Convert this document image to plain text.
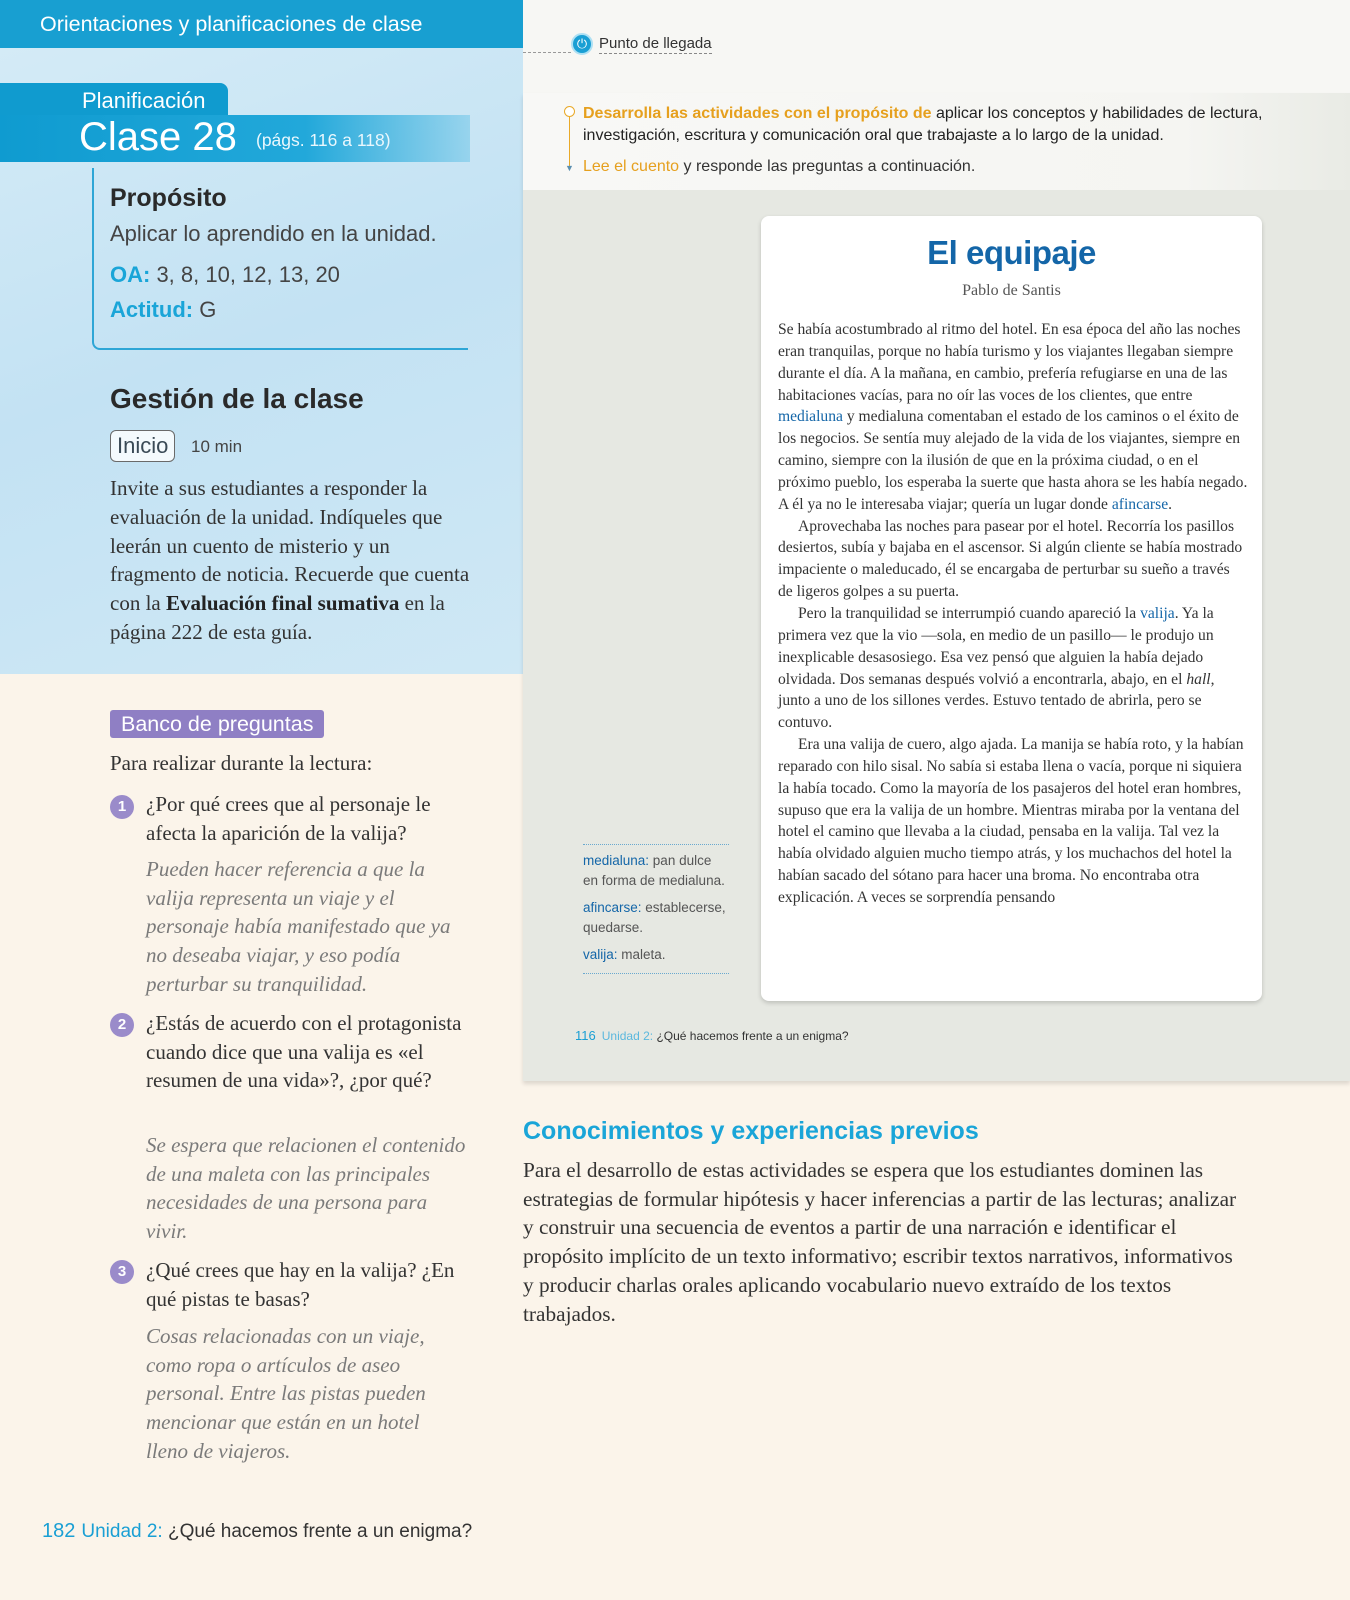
Orientaciones y planificaciones de clase
Planificación
Clase 28 (págs. 116 a 118)
Propósito
Aplicar lo aprendido en la unidad.
OA: 3, 8, 10, 12, 13, 20
Actitud: G
Gestión de la clase
Inicio	10 min
Invite a sus estudiantes a responder la evaluación de la unidad. Indíqueles que leerán un cuento de misterio y un fragmento de noticia. Recuerde que cuenta con la Evaluación final sumativa en la página 222 de esta guía.
Banco de preguntas
Para realizar durante la lectura:
1 ¿Por qué crees que al personaje le afecta la aparición de la valija?
Pueden hacer referencia a que la valija representa un viaje y el personaje había manifestado que ya no deseaba viajar, y eso podía perturbar su tranquilidad.
2 ¿Estás de acuerdo con el protagonista cuando dice que una valija es «el resumen de una vida»?, ¿por qué?
Se espera que relacionen el contenido de una maleta con las principales necesidades de una persona para vivir.
3 ¿Qué crees que hay en la valija? ¿En qué pistas te basas?
Cosas relacionadas con un viaje, como ropa o artículos de aseo personal. Entre las pistas pueden mencionar que están en un hotel lleno de viajeros.
182 Unidad 2: ¿Qué hacemos frente a un enigma?
⏻ Punto de llegada
▼
Desarrolla las actividades con el propósito de aplicar los conceptos y habilidades de lectura, investigación, escritura y comunicación oral que trabajaste a lo largo de la unidad.
Lee el cuento y responde las preguntas a continuación.
El equipaje
Pablo de Santis

Se había acostumbrado al ritmo del hotel. En esa época del año las noches eran tranquilas, porque no había turismo y los viajantes llegaban siempre durante el día. A la mañana, en cambio, prefería refugiarse en una de las habitaciones vacías, para no oír las voces de los clientes, que entre medialuna y medialuna comentaban el estado de los caminos o el éxito de los negocios. Se sentía muy alejado de la vida de los viajantes, siempre en camino, siempre con la ilusión de que en la próxima ciudad, o en el próximo pueblo, los esperaba la suerte que hasta ahora se les había negado. A él ya no le interesaba viajar; quería un lugar donde afincarse.

Aprovechaba las noches para pasear por el hotel. Recorría los pasillos desiertos, subía y bajaba en el ascensor. Si algún cliente se había mostrado impaciente o maleducado, él se encargaba de perturbar su sueño a través de ligeros golpes a su puerta.

Pero la tranquilidad se interrumpió cuando apareció la valija. Ya la primera vez que la vio —sola, en medio de un pasillo— le produjo un inexplicable desasosiego. Esa vez pensó que alguien la había dejado olvidada. Dos semanas después volvió a encontrarla, abajo, en el hall, junto a uno de los sillones verdes. Estuvo tentado de abrirla, pero se contuvo.

Era una valija de cuero, algo ajada. La manija se había roto, y la habían reparado con hilo sisal. No sabía si estaba llena o vacía, porque ni siquiera la había tocado. Como la mayoría de los pasajeros del hotel eran hombres, supuso que era la valija de un hombre. Mientras miraba por la ventana del hotel el camino que llevaba a la ciudad, pensaba en la valija. Tal vez la había olvidado alguien mucho tiempo atrás, y los muchachos del hotel la habían sacado del sótano para hacer una broma. No encontraba otra explicación. A veces se sorprendía pensando

medialuna: pan dulce en forma de medialuna.

afincarse: establecerse, quedarse.

valija: maleta.

116 Unidad 2: ¿Qué hacemos frente a un enigma?
Conocimientos y experiencias previos
Para el desarrollo de estas actividades se espera que los estudiantes dominen las estrategias de formular hipótesis y hacer inferencias a partir de las lecturas; analizar y construir una secuencia de eventos a partir de una narración e identificar el propósito implícito de un texto informativo; escribir textos narrativos, informativos y producir charlas orales aplicando vocabulario nuevo extraído de los textos trabajados.
